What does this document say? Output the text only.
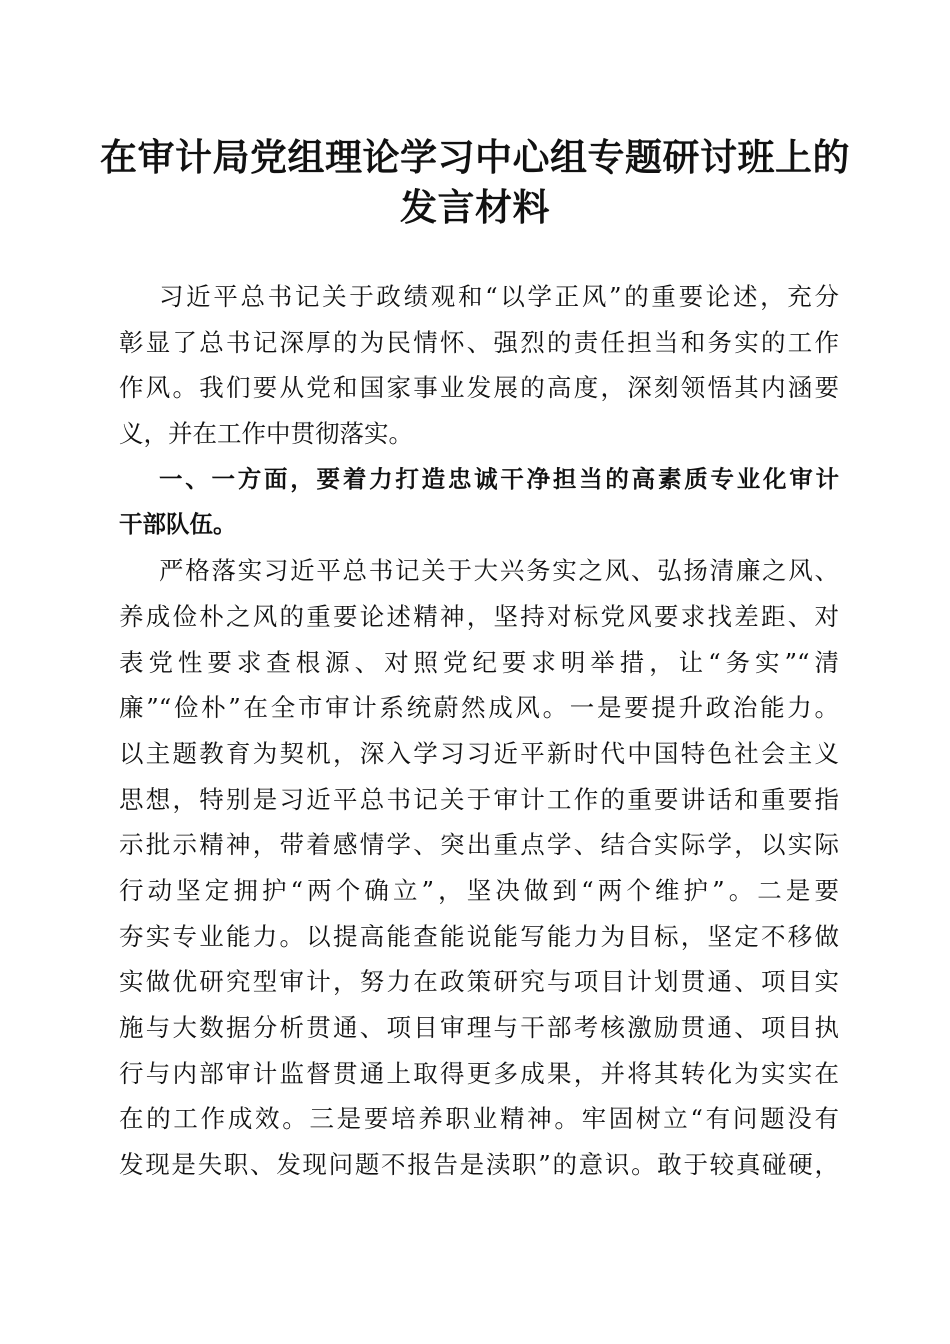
在审计局党组理论学习中心组专题研讨班上的
发言材料
习近平总书记关于政绩观和“以学正风”的重要论述，充分
彰显了总书记深厚的为民情怀、强烈的责任担当和务实的工作
作风。我们要从党和国家事业发展的高度，深刻领悟其内涵要
义，并在工作中贯彻落实。
一、一方面，要着力打造忠诚干净担当的高素质专业化审计
干部队伍。
严格落实习近平总书记关于大兴务实之风、弘扬清廉之风、
养成俭朴之风的重要论述精神，坚持对标党风要求找差距、对
表党性要求查根源、对照党纪要求明举措，让“务实”“清
廉”“俭朴”在全市审计系统蔚然成风。一是要提升政治能力。
以主题教育为契机，深入学习习近平新时代中国特色社会主义
思想，特别是习近平总书记关于审计工作的重要讲话和重要指
示批示精神，带着感情学、突出重点学、结合实际学，以实际
行动坚定拥护“两个确立”，坚决做到“两个维护”。二是要
夯实专业能力。以提高能查能说能写能力为目标，坚定不移做
实做优研究型审计，努力在政策研究与项目计划贯通、项目实
施与大数据分析贯通、项目审理与干部考核激励贯通、项目执
行与内部审计监督贯通上取得更多成果，并将其转化为实实在
在的工作成效。三是要培养职业精神。牢固树立“有问题没有
发现是失职、发现问题不报告是渎职”的意识。敢于较真碰硬，
